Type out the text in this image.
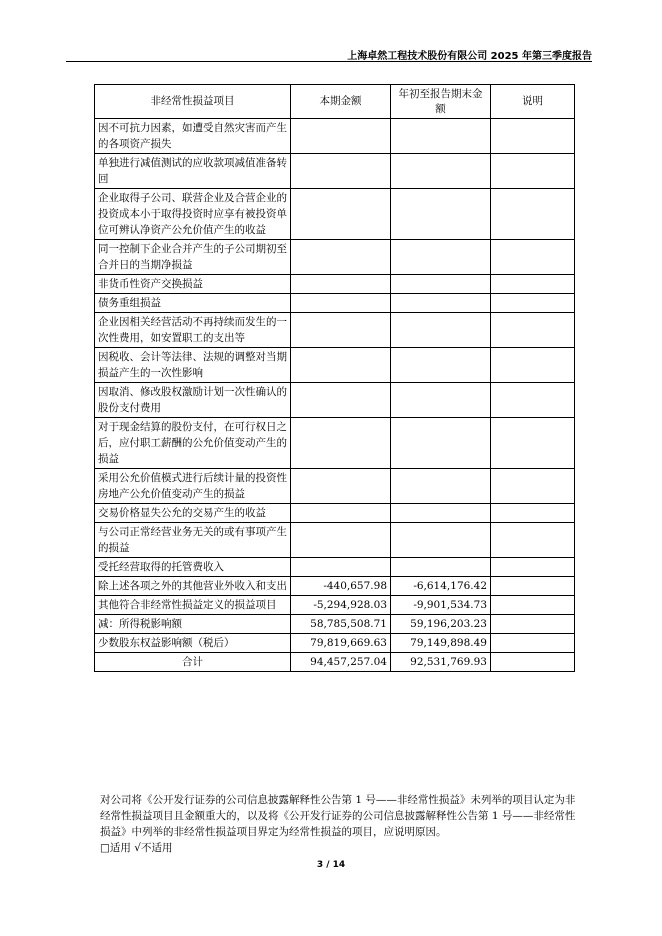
上海卓然工程技术股份有限公司 2025 年第三季度报告
非经常性损益项目	本期金额	年初至报告期末金额	说明
因不可抗力因素，如遭受自然灾害而产生的各项资产损失			
单独进行减值测试的应收款项减值准备转回			
企业取得子公司、联营企业及合营企业的投资成本小于取得投资时应享有被投资单位可辨认净资产公允价值产生的收益			
同一控制下企业合并产生的子公司期初至合并日的当期净损益			
非货币性资产交换损益			
债务重组损益			
企业因相关经营活动不再持续而发生的一次性费用，如安置职工的支出等			
因税收、会计等法律、法规的调整对当期损益产生的一次性影响			
因取消、修改股权激励计划一次性确认的股份支付费用			
对于现金结算的股份支付，在可行权日之后，应付职工薪酬的公允价值变动产生的损益			
采用公允价值模式进行后续计量的投资性房地产公允价值变动产生的损益			
交易价格显失公允的交易产生的收益			
与公司正常经营业务无关的或有事项产生的损益			
受托经营取得的托管费收入			
除上述各项之外的其他营业外收入和支出	-440,657.98	-6,614,176.42	
其他符合非经常性损益定义的损益项目	-5,294,928.03	-9,901,534.73	
减：所得税影响额	58,785,508.71	59,196,203.23	
少数股东权益影响额（税后）	79,819,669.63	79,149,898.49	
合计	94,457,257.04	92,531,769.93	

对公司将《公开发行证券的公司信息披露解释性公告第 1 号——非经常性损益》未列举的项目认定为非经常性损益项目且金额重大的，以及将《公开发行证券的公司信息披露解释性公告第 1 号——非经常性损益》中列举的非经常性损益项目界定为经常性损益的项目，应说明原因。

□适用 √不适用

3 / 14
